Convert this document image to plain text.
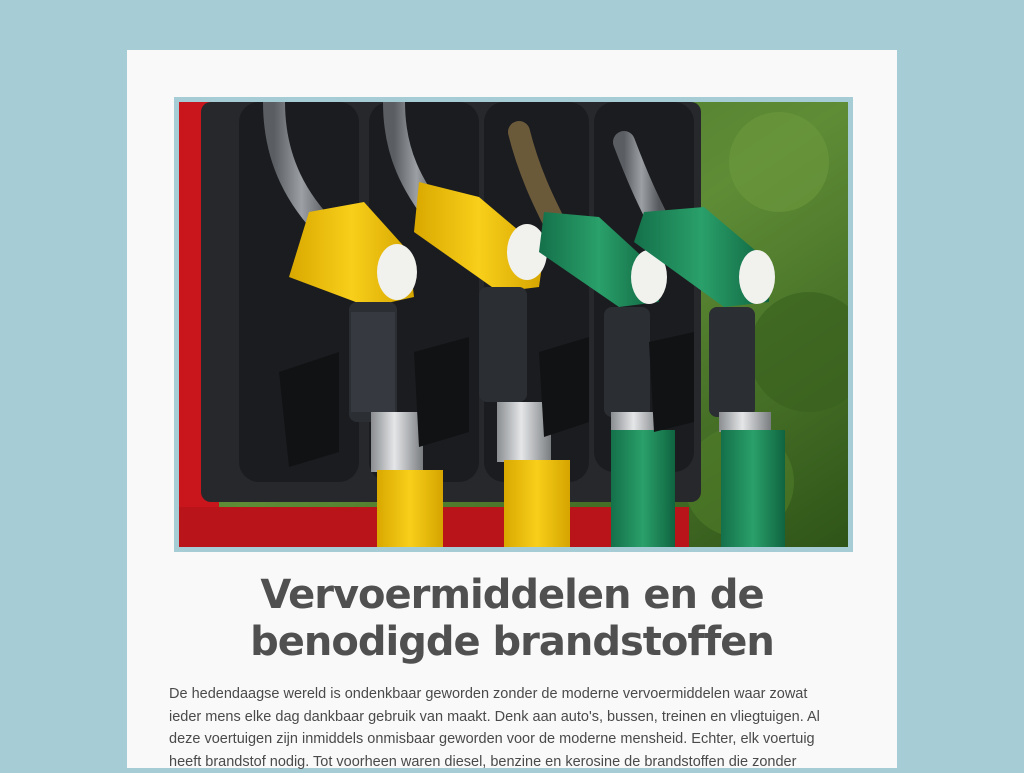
Vervoermiddelen en de benodigde brandstoffen

De hedendaagse wereld is ondenkbaar geworden zonder de moderne vervoermiddelen waar zowat ieder mens elke dag dankbaar gebruik van maakt. Denk aan auto's, bussen, treinen en vliegtuigen. Al deze voertuigen zijn inmiddels onmisbaar geworden voor de moderne mensheid. Echter, elk voertuig heeft brandstof nodig. Tot voorheen waren diesel, benzine en kerosine de brandstoffen die zonder
